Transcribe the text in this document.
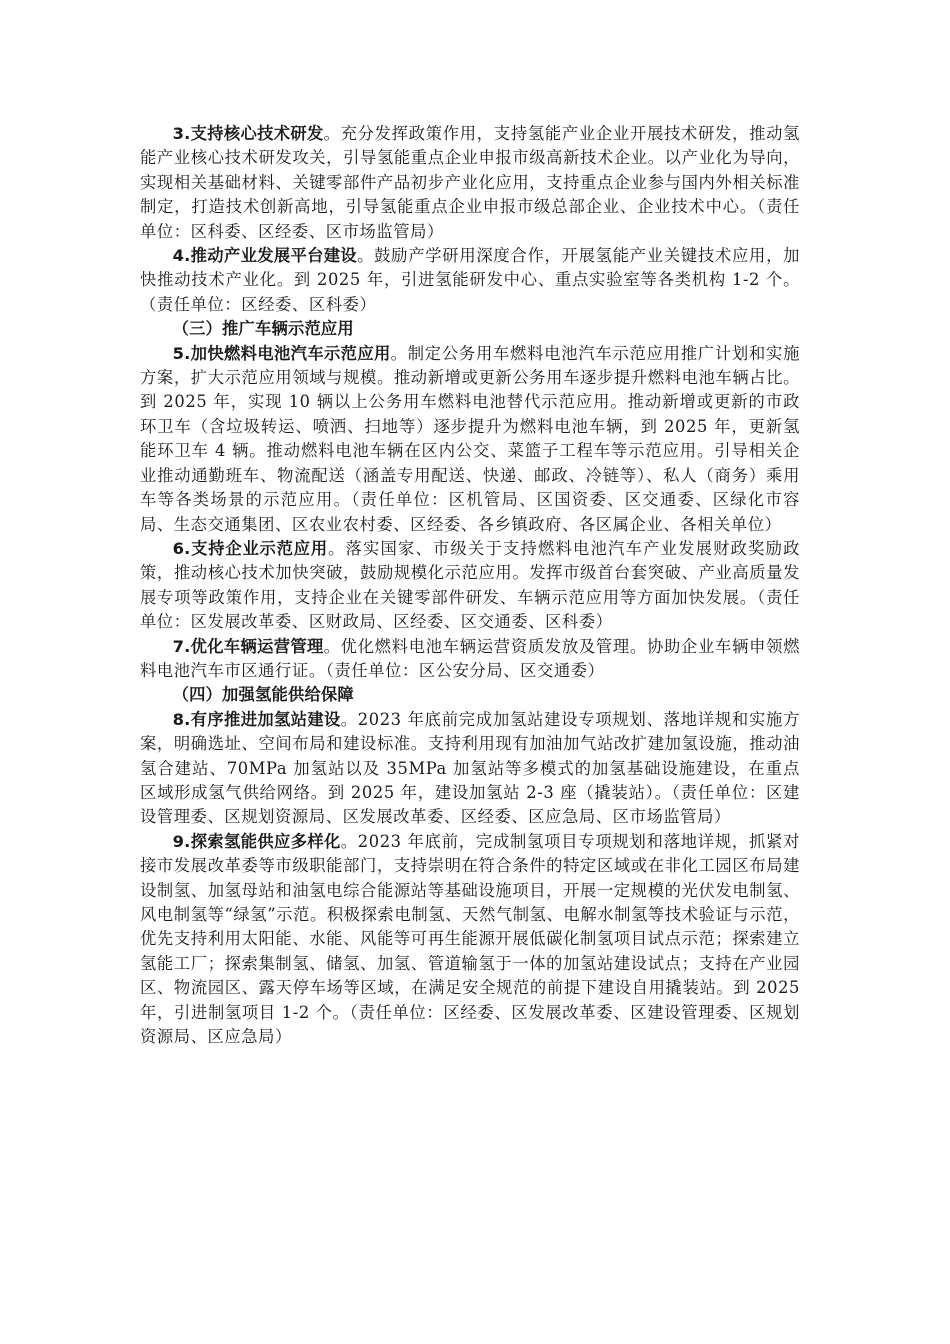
3.支持核心技术研发。充分发挥政策作用，支持氢能产业企业开展技术研发，推动氢能产业核心技术研发攻关，引导氢能重点企业申报市级高新技术企业。以产业化为导向，实现相关基础材料、关键零部件产品初步产业化应用，支持重点企业参与国内外相关标准制定，打造技术创新高地，引导氢能重点企业申报市级总部企业、企业技术中心。（责任单位：区科委、区经委、区市场监管局）

4.推动产业发展平台建设。鼓励产学研用深度合作，开展氢能产业关键技术应用，加快推动技术产业化。到 2025 年，引进氢能研发中心、重点实验室等各类机构 1-2 个。（责任单位：区经委、区科委）

（三）推广车辆示范应用

5.加快燃料电池汽车示范应用。制定公务用车燃料电池汽车示范应用推广计划和实施方案，扩大示范应用领域与规模。推动新增或更新公务用车逐步提升燃料电池车辆占比。到 2025 年，实现 10 辆以上公务用车燃料电池替代示范应用。推动新增或更新的市政环卫车（含垃圾转运、喷洒、扫地等）逐步提升为燃料电池车辆，到 2025 年，更新氢能环卫车 4 辆。推动燃料电池车辆在区内公交、菜篮子工程车等示范应用。引导相关企业推动通勤班车、物流配送（涵盖专用配送、快递、邮政、冷链等）、私人（商务）乘用车等各类场景的示范应用。（责任单位：区机管局、区国资委、区交通委、区绿化市容局、生态交通集团、区农业农村委、区经委、各乡镇政府、各区属企业、各相关单位）

6.支持企业示范应用。落实国家、市级关于支持燃料电池汽车产业发展财政奖励政策，推动核心技术加快突破，鼓励规模化示范应用。发挥市级首台套突破、产业高质量发展专项等政策作用，支持企业在关键零部件研发、车辆示范应用等方面加快发展。（责任单位：区发展改革委、区财政局、区经委、区交通委、区科委）

7.优化车辆运营管理。优化燃料电池车辆运营资质发放及管理。协助企业车辆申领燃料电池汽车市区通行证。（责任单位：区公安分局、区交通委）

（四）加强氢能供给保障

8.有序推进加氢站建设。2023 年底前完成加氢站建设专项规划、落地详规和实施方案，明确选址、空间布局和建设标准。支持利用现有加油加气站改扩建加氢设施，推动油氢合建站、70MPa 加氢站以及 35MPa 加氢站等多模式的加氢基础设施建设，在重点区域形成氢气供给网络。到 2025 年，建设加氢站 2-3 座（撬装站）。（责任单位：区建设管理委、区规划资源局、区发展改革委、区经委、区应急局、区市场监管局）

9.探索氢能供应多样化。2023 年底前，完成制氢项目专项规划和落地详规，抓紧对接市发展改革委等市级职能部门，支持崇明在符合条件的特定区域或在非化工园区布局建设制氢、加氢母站和油氢电综合能源站等基础设施项目，开展一定规模的光伏发电制氢、风电制氢等“绿氢”示范。积极探索电制氢、天然气制氢、电解水制氢等技术验证与示范，优先支持利用太阳能、水能、风能等可再生能源开展低碳化制氢项目试点示范；探索建立氢能工厂；探索集制氢、储氢、加氢、管道输氢于一体的加氢站建设试点；支持在产业园区、物流园区、露天停车场等区域，在满足安全规范的前提下建设自用撬装站。到 2025 年，引进制氢项目 1-2 个。（责任单位：区经委、区发展改革委、区建设管理委、区规划资源局、区应急局）
